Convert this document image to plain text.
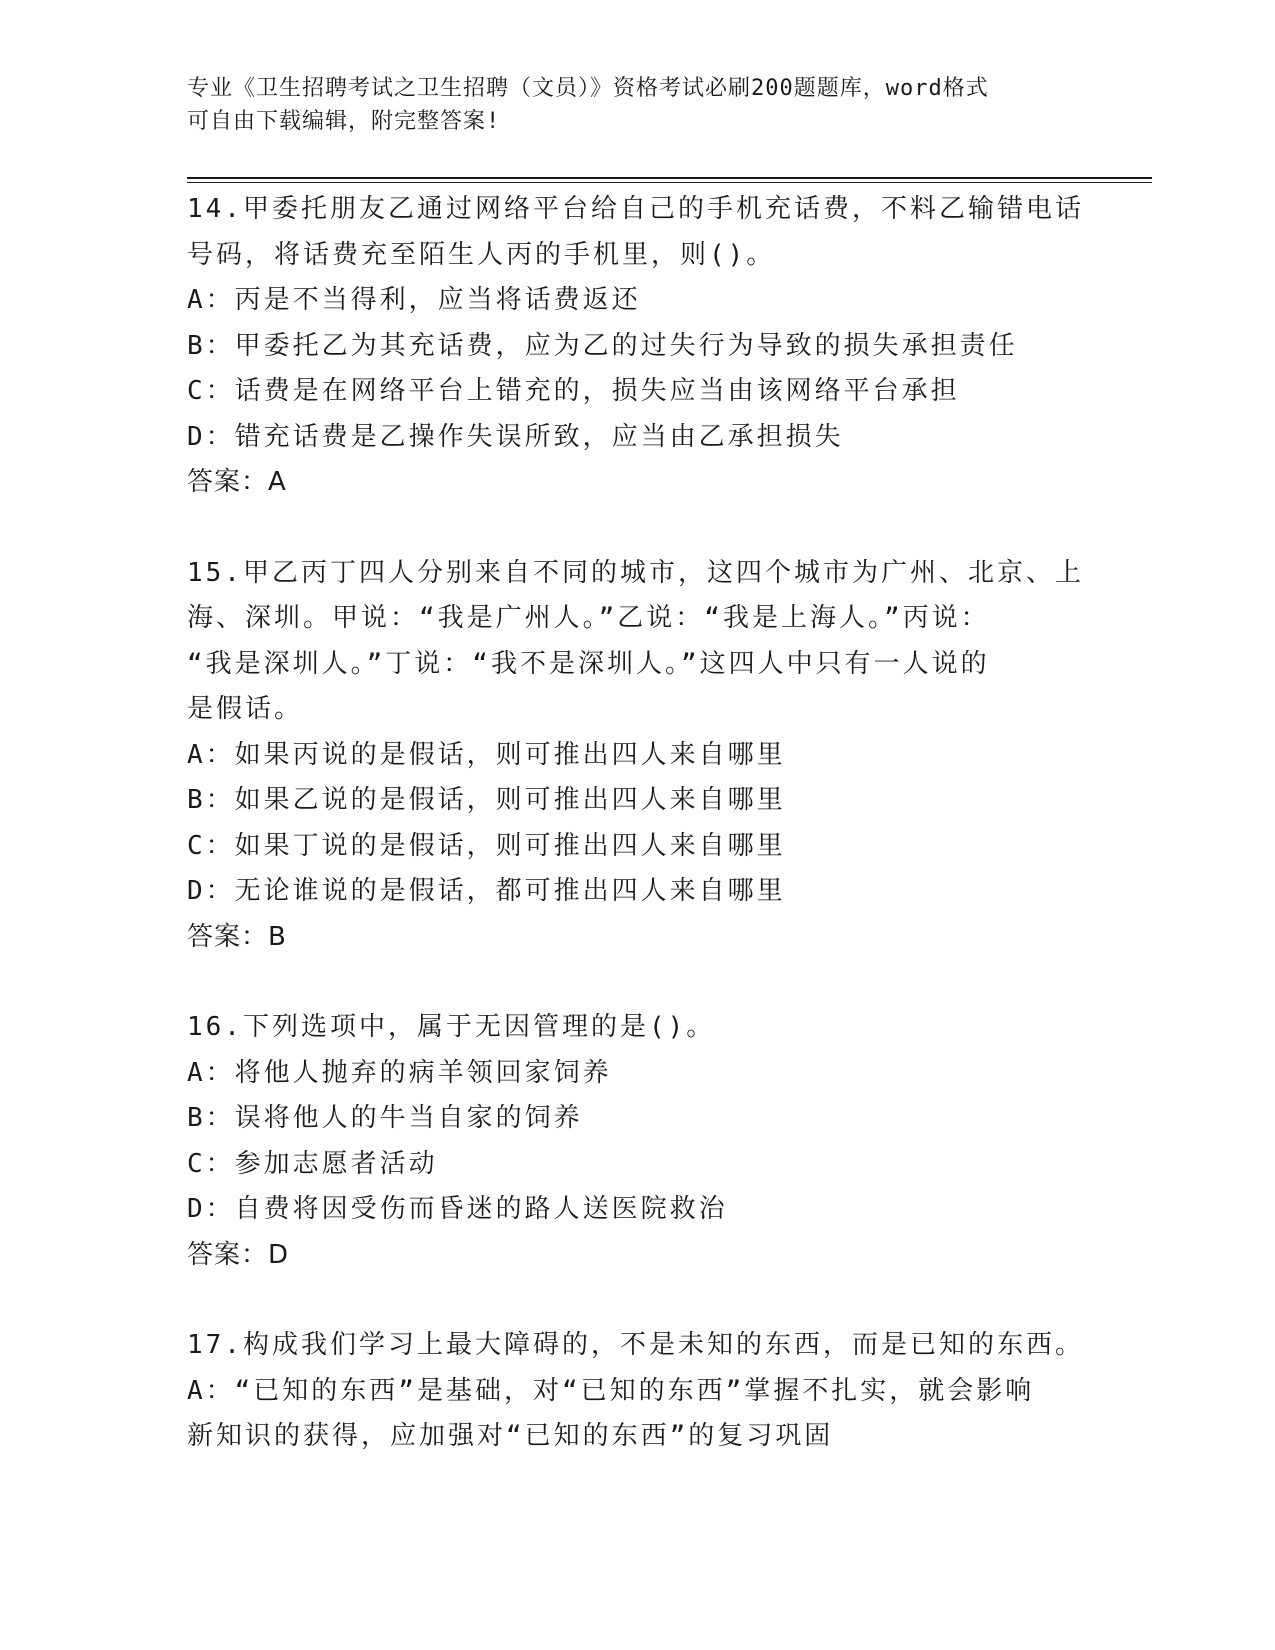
专业《卫生招聘考试之卫生招聘（文员）》资格考试必刷200题题库，word格式
可自由下载编辑，附完整答案!
14.甲委托朋友乙通过网络平台给自己的手机充话费，不料乙输错电话
号码，将话费充至陌生人丙的手机里，则()。
A：丙是不当得利，应当将话费返还
B：甲委托乙为其充话费，应为乙的过失行为导致的损失承担责任
C：话费是在网络平台上错充的，损失应当由该网络平台承担
D：错充话费是乙操作失误所致，应当由乙承担损失
答案：A
15.甲乙丙丁四人分别来自不同的城市，这四个城市为广州、北京、上
海、深圳。甲说：“我是广州人。”乙说：“我是上海人。”丙说：
“我是深圳人。”丁说：“我不是深圳人。”这四人中只有一人说的
是假话。
A：如果丙说的是假话，则可推出四人来自哪里
B：如果乙说的是假话，则可推出四人来自哪里
C：如果丁说的是假话，则可推出四人来自哪里
D：无论谁说的是假话，都可推出四人来自哪里
答案：B
16.下列选项中，属于无因管理的是()。
A：将他人抛弃的病羊领回家饲养
B：误将他人的牛当自家的饲养
C：参加志愿者活动
D：自费将因受伤而昏迷的路人送医院救治
答案：D
17.构成我们学习上最大障碍的，不是未知的东西，而是已知的东西。
A：“已知的东西”是基础，对“已知的东西”掌握不扎实，就会影响
新知识的获得，应加强对“已知的东西”的复习巩固
